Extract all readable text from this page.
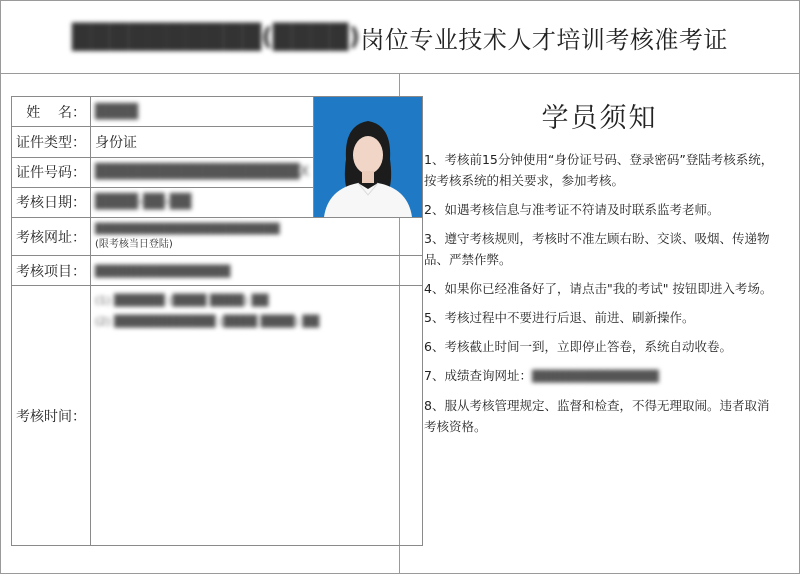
██████████(████) 岗位专业技术人才培训考核准考证
姓    名：	████	

证件类型：	身份证	
证件号码：	███████████████████X	
考核日期：	████-██-██	
考核网址：	████████████████████████
(限考核当日登陆)	

考核项目：	████████████████	
考核时间：	(1) ██████ (████ ████) ██
(2) ████████████ (████ ████) ██	
学员须知
1、考核前15分钟使用“身份证号码、登录密码”登陆考核系统，按考核系统的相关要求，参加考核。
2、如遇考核信息与准考证不符请及时联系监考老师。
3、遵守考核规则，考核时不准左顾右盼、交谈、吸烟、传递物品、严禁作弊。
4、如果你已经准备好了，请点击"我的考试" 按钮即进入考场。
5、考核过程中不要进行后退、前进、刷新操作。
6、考核截止时间一到，立即停止答卷，系统自动收卷。
7、成绩查询网址：███████████████
8、服从考核管理规定、监督和检查，不得无理取闹。违者取消考核资格。
